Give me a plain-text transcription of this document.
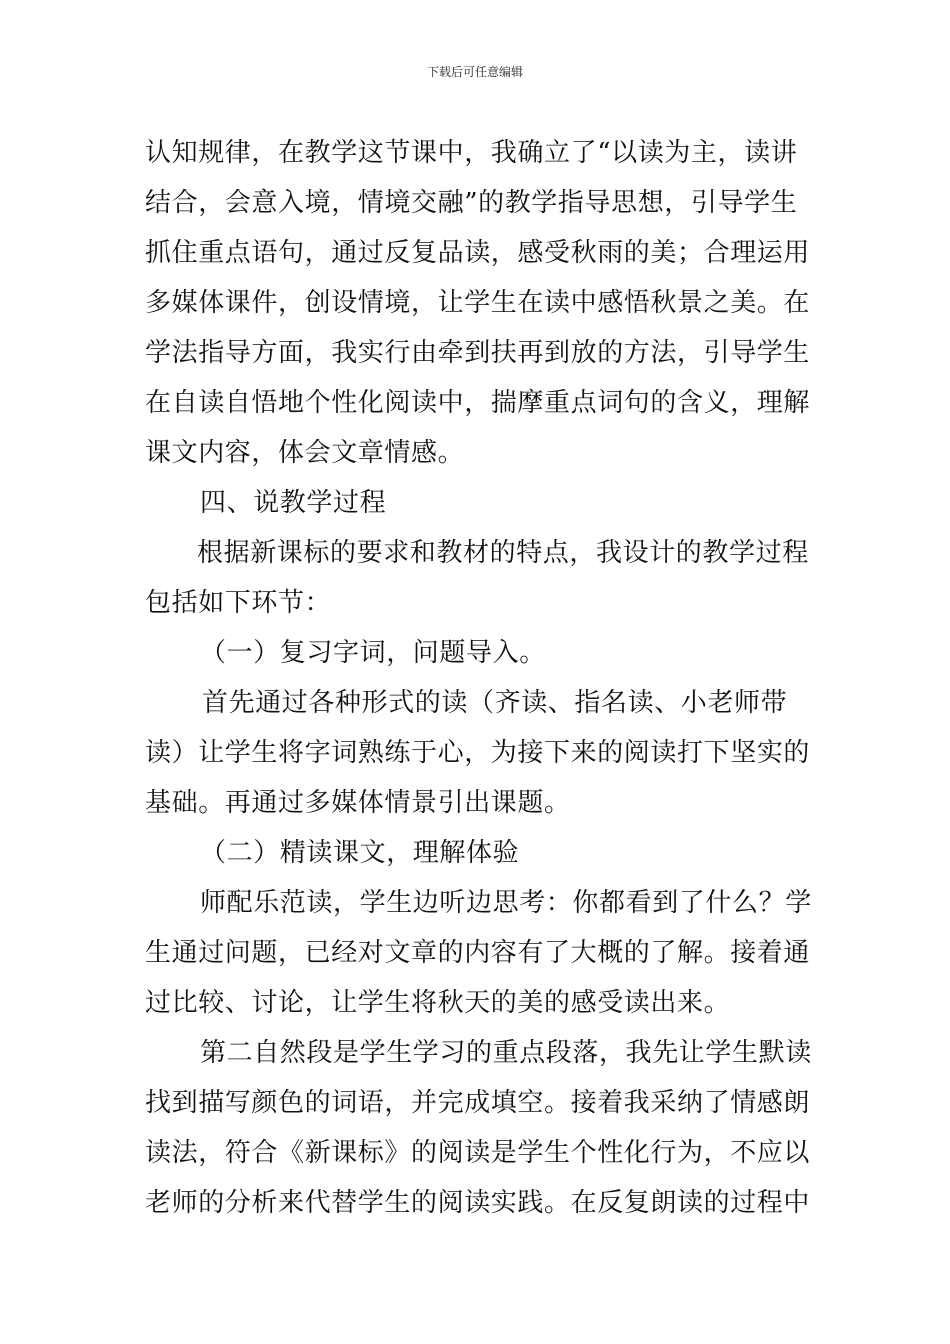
下载后可任意编辑
认知规律，在教学这节课中，我确立了“以读为主，读讲
结合，会意入境，情境交融”的教学指导思想，引导学生
抓住重点语句，通过反复品读，感受秋雨的美；合理运用
多媒体课件，创设情境，让学生在读中感悟秋景之美。在
学法指导方面，我实行由牵到扶再到放的方法，引导学生
在自读自悟地个性化阅读中，揣摩重点词句的含义，理解
课文内容，体会文章情感。
四、说教学过程
根据新课标的要求和教材的特点，我设计的教学过程
包括如下环节：
（一）复习字词，问题导入。
首先通过各种形式的读（齐读、指名读、小老师带
读）让学生将字词熟练于心，为接下来的阅读打下坚实的
基础。再通过多媒体情景引出课题。
（二）精读课文，理解体验
师配乐范读，学生边听边思考：你都看到了什么？学
生通过问题，已经对文章的内容有了大概的了解。接着通
过比较、讨论，让学生将秋天的美的感受读出来。
第二自然段是学生学习的重点段落，我先让学生默读
找到描写颜色的词语，并完成填空。接着我采纳了情感朗
读法，符合《新课标》的阅读是学生个性化行为，不应以
老师的分析来代替学生的阅读实践。在反复朗读的过程中
